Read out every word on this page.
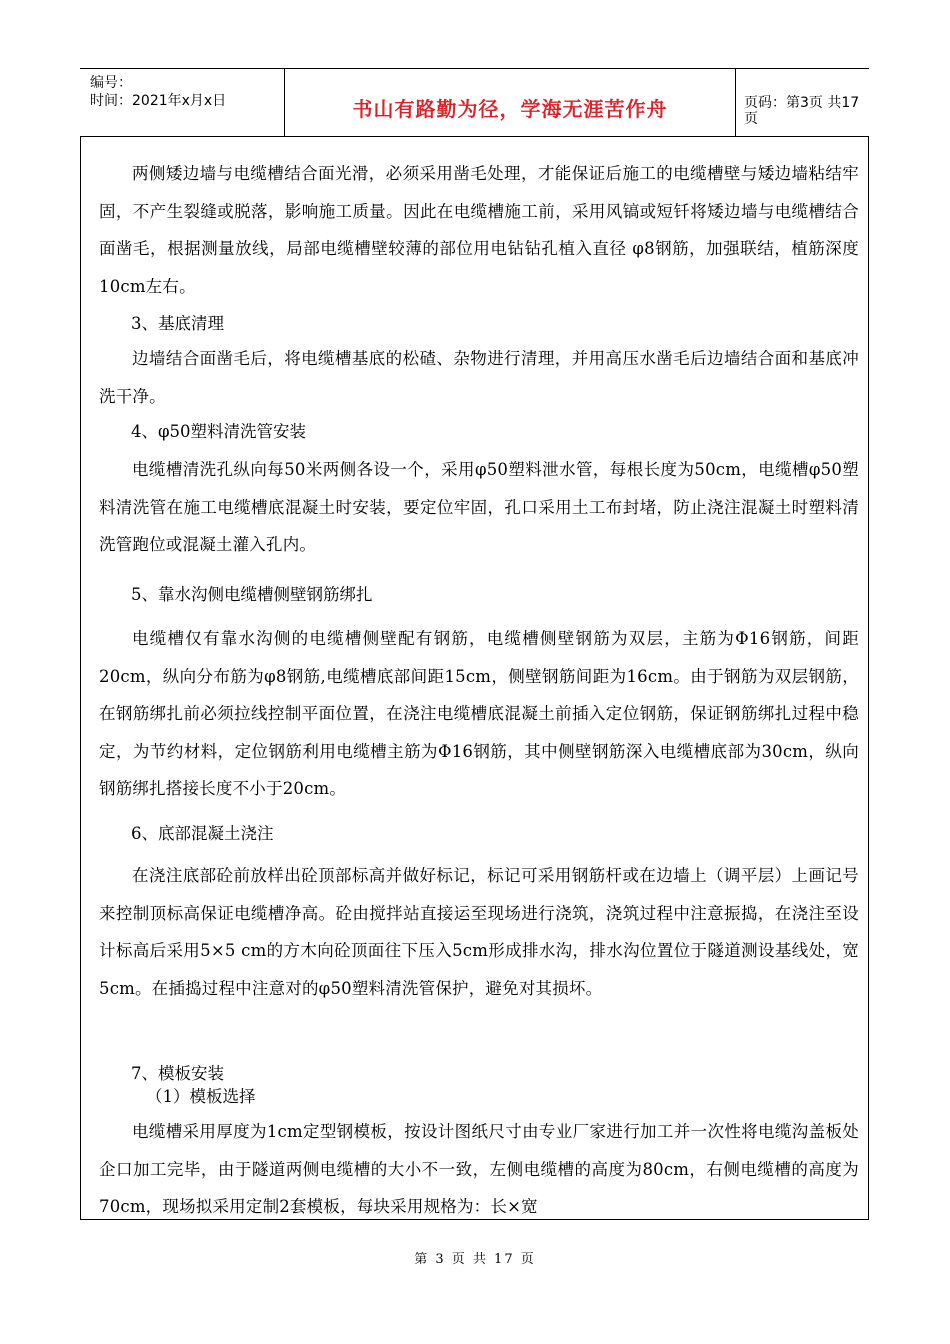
编号：
时间：2021年x月x日	书山有路勤为径，学海无涯苦作舟	页码：第3页 共17页
两侧矮边墙与电缆槽结合面光滑，必须采用凿毛处理，才能保证后施工的电缆槽壁与矮边墙粘结牢固，不产生裂缝或脱落，影响施工质量。因此在电缆槽施工前，采用风镐或短钎将矮边墙与电缆槽结合面凿毛，根据测量放线，局部电缆槽壁较薄的部位用电钻钻孔植入直径 φ8钢筋，加强联结，植筋深度10cm左右。
3、基底清理
边墙结合面凿毛后，将电缆槽基底的松碴、杂物进行清理，并用高压水凿毛后边墙结合面和基底冲洗干净。
4、φ50塑料清洗管安装
电缆槽清洗孔纵向每50米两侧各设一个，采用φ50塑料泄水管，每根长度为50cm，电缆槽φ50塑料清洗管在施工电缆槽底混凝土时安装，要定位牢固，孔口采用土工布封堵，防止浇注混凝土时塑料清洗管跑位或混凝土灌入孔内。
5、靠水沟侧电缆槽侧壁钢筋绑扎
电缆槽仅有靠水沟侧的电缆槽侧壁配有钢筋，电缆槽侧壁钢筋为双层，主筋为Φ16钢筋，间距20cm，纵向分布筋为φ8钢筋,电缆槽底部间距15cm，侧壁钢筋间距为16cm。由于钢筋为双层钢筋，在钢筋绑扎前必须拉线控制平面位置，在浇注电缆槽底混凝土前插入定位钢筋，保证钢筋绑扎过程中稳定，为节约材料，定位钢筋利用电缆槽主筋为Φ16钢筋，其中侧壁钢筋深入电缆槽底部为30cm，纵向钢筋绑扎搭接长度不小于20cm。
6、底部混凝土浇注
在浇注底部砼前放样出砼顶部标高并做好标记，标记可采用钢筋杆或在边墙上（调平层）上画记号来控制顶标高保证电缆槽净高。砼由搅拌站直接运至现场进行浇筑，浇筑过程中注意振捣，在浇注至设计标高后采用5×5 cm的方木向砼顶面往下压入5cm形成排水沟，排水沟位置位于隧道测设基线处，宽5cm。在插捣过程中注意对的φ50塑料清洗管保护，避免对其损坏。
7、模板安装
（1）模板选择
电缆槽采用厚度为1cm定型钢模板，按设计图纸尺寸由专业厂家进行加工并一次性将电缆沟盖板处企口加工完毕，由于隧道两侧电缆槽的大小不一致，左侧电缆槽的高度为80cm，右侧电缆槽的高度为70cm，现场拟采用定制2套模板，每块采用规格为：长×宽
第 3 页 共 17 页
